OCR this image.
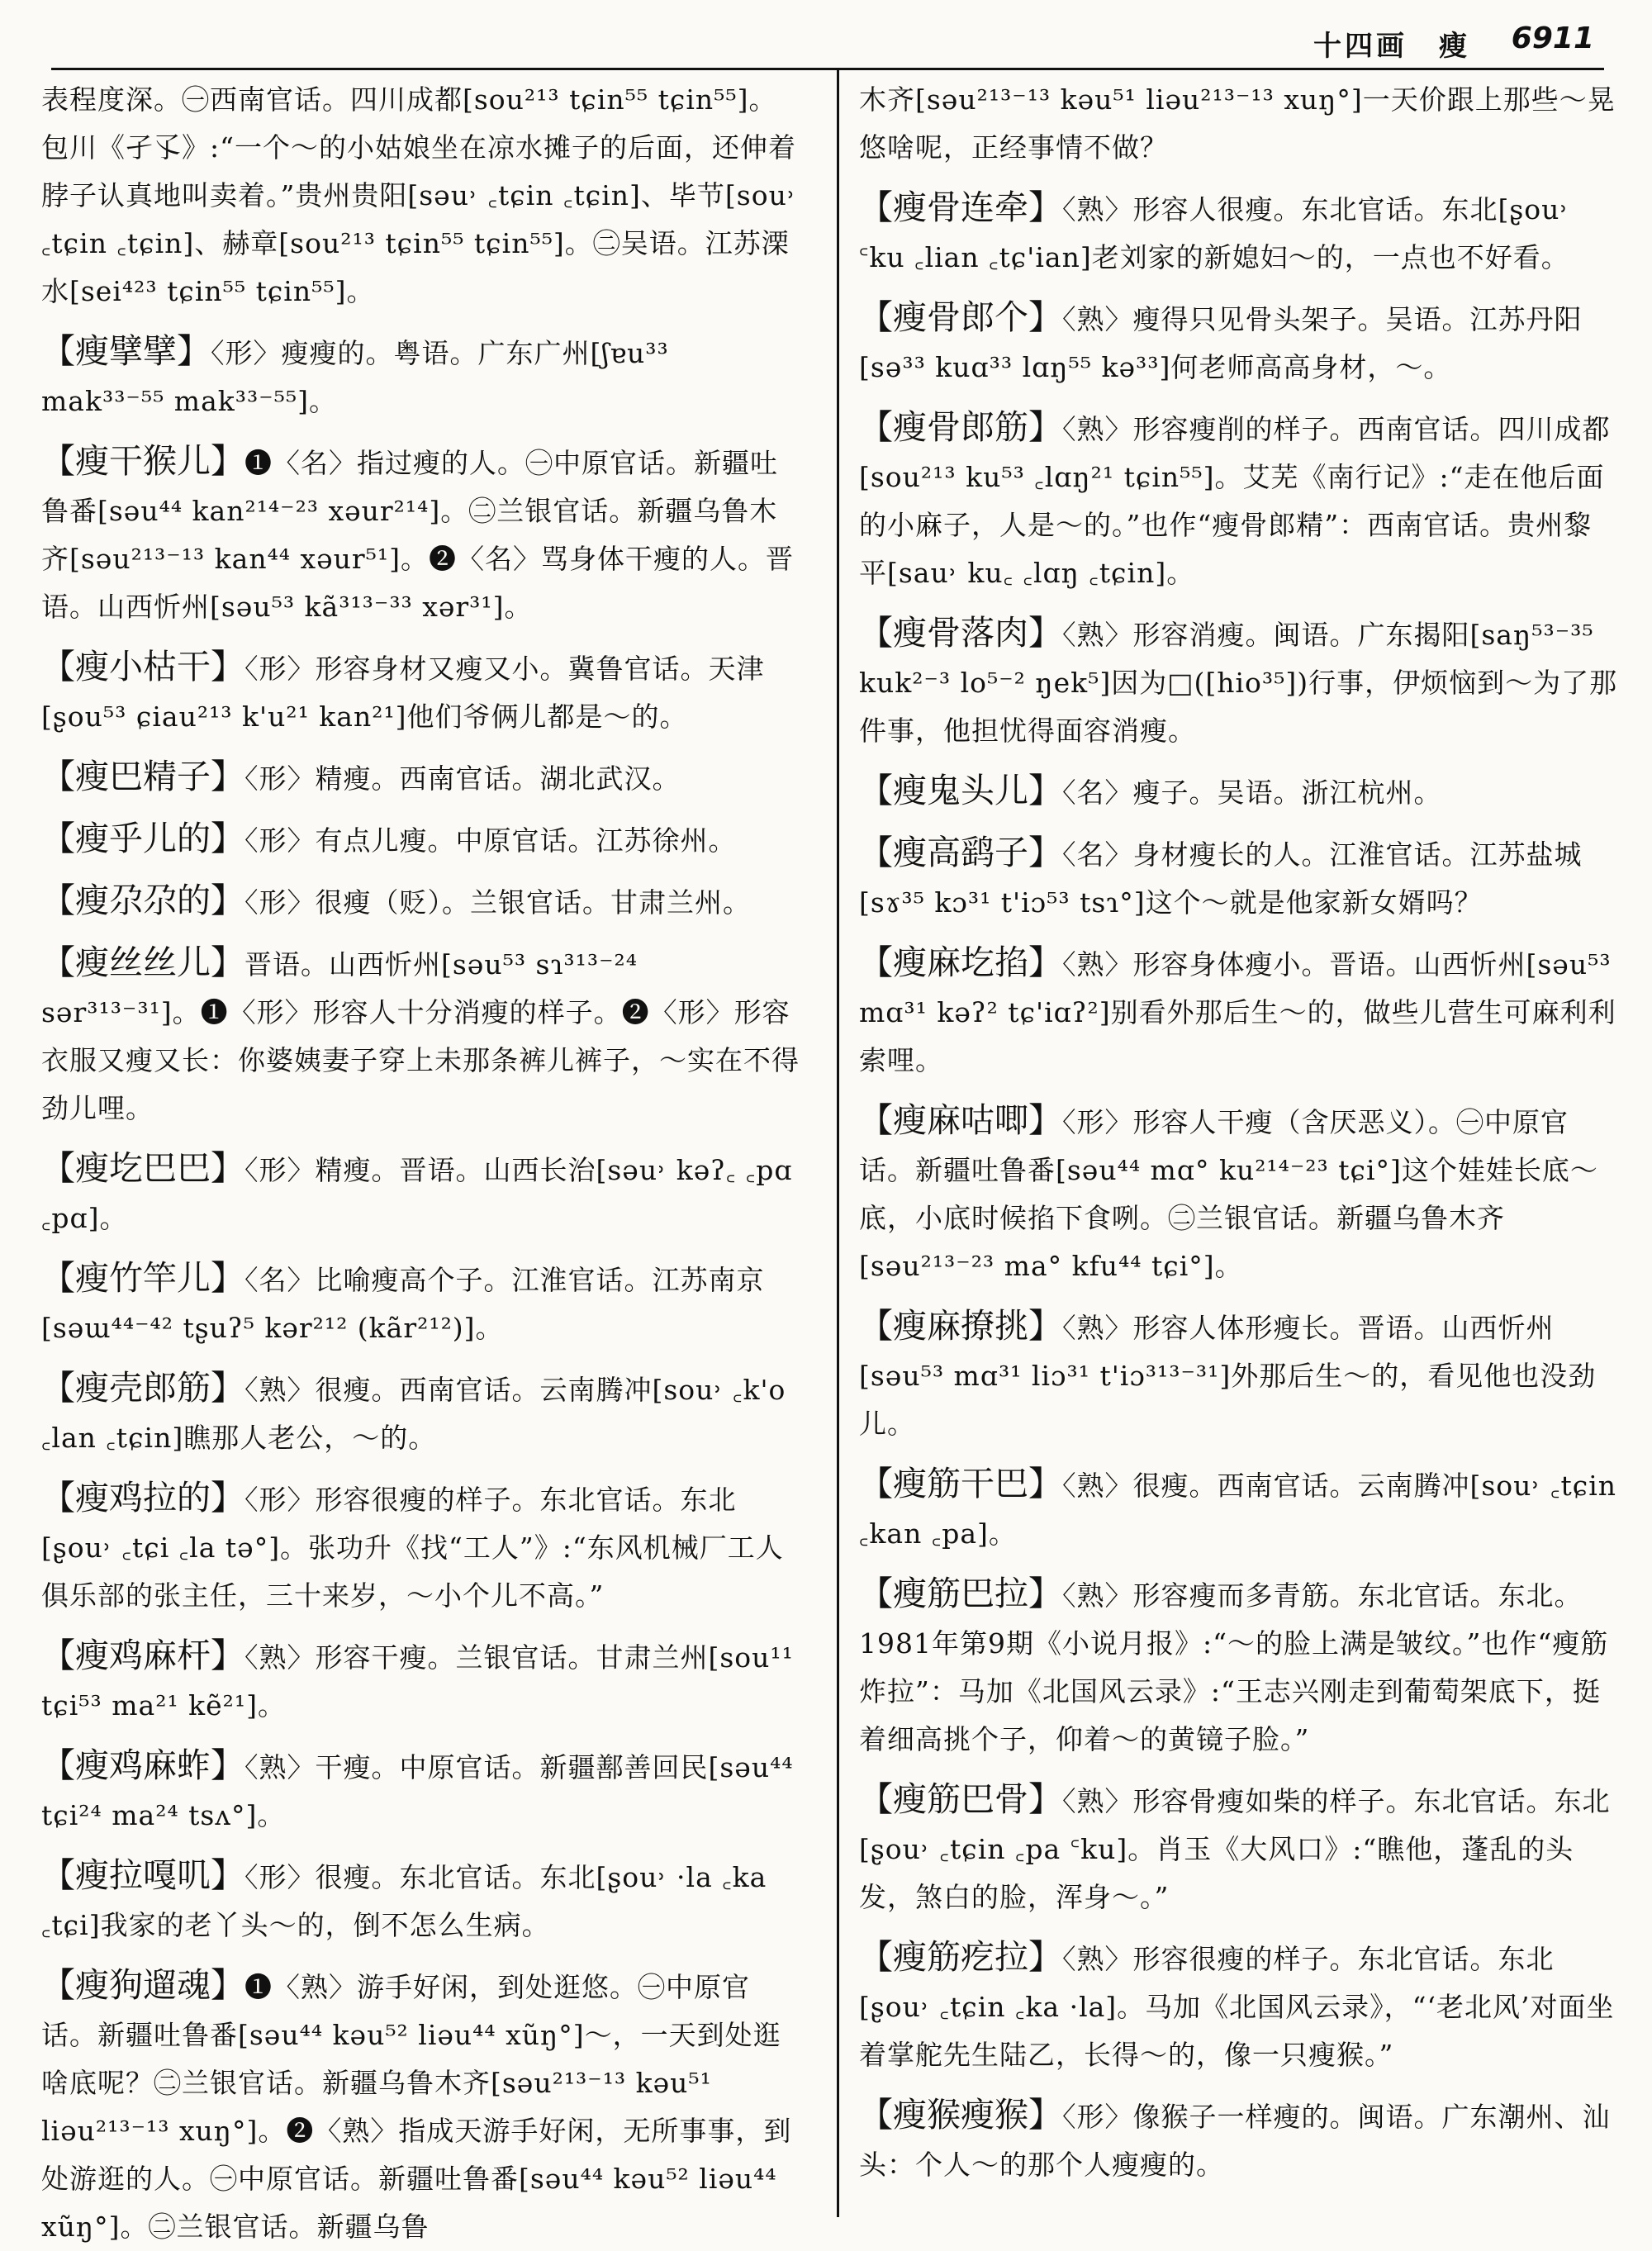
十四画　瘦 6911

表程度深。㊀西南官话。四川成都[sou²¹³ tɕin⁵⁵ tɕin⁵⁵]。包川《孑孓》:“一个～的小姑娘坐在凉水摊子的后面，还伸着脖子认真地叫卖着。”贵州贵阳[səu˒ ꜀tɕin ꜀tɕin]、毕节[sou˒ ꜀tɕin ꜀tɕin]、赫章[sou²¹³ tɕin⁵⁵ tɕin⁵⁵]。㊁吴语。江苏溧水[sei⁴²³ tɕin⁵⁵ tɕin⁵⁵]。

【瘦擘擘】〈形〉瘦瘦的。粤语。广东广州[ʃɐu³³ mak³³⁻⁵⁵ mak³³⁻⁵⁵]。

【瘦干猴儿】❶〈名〉指过瘦的人。㊀中原官话。新疆吐鲁番[səu⁴⁴ kan²¹⁴⁻²³ xəur²¹⁴]。㊁兰银官话。新疆乌鲁木齐[səu²¹³⁻¹³ kan⁴⁴ xəur⁵¹]。❷〈名〉骂身体干瘦的人。晋语。山西忻州[səu⁵³ kã³¹³⁻³³ xər³¹]。

【瘦小枯干】〈形〉形容身材又瘦又小。冀鲁官话。天津[ʂou⁵³ ɕiau²¹³ k'u²¹ kan²¹]他们爷俩儿都是～的。

【瘦巴精子】〈形〉精瘦。西南官话。湖北武汉。

【瘦乎儿的】〈形〉有点儿瘦。中原官话。江苏徐州。

【瘦尕尕的】〈形〉很瘦（贬）。兰银官话。甘肃兰州。

【瘦丝丝儿】晋语。山西忻州[səu⁵³ sɿ³¹³⁻²⁴ sər³¹³⁻³¹]。❶〈形〉形容人十分消瘦的样子。❷〈形〉形容衣服又瘦又长：你婆姨妻子穿上未那条裤儿裤子，～实在不得劲儿哩。

【瘦圪巴巴】〈形〉精瘦。晋语。山西长治[səu˒ kəʔ꜀ ꜀pɑ ꜀pɑ]。

【瘦竹竿儿】〈名〉比喻瘦高个子。江淮官话。江苏南京[səɯ⁴⁴⁻⁴² tʂuʔ⁵ kər²¹² (kãr²¹²)]。

【瘦壳郎筋】〈熟〉很瘦。西南官话。云南腾冲[sou˒ ꜀k'o ꜀lan ꜀tɕin]瞧那人老公，～的。

【瘦鸡拉的】〈形〉形容很瘦的样子。东北官话。东北[ʂou˒ ꜀tɕi ꜀la tə°]。张功升《找“工人”》:“东风机械厂工人俱乐部的张主任，三十来岁，～小个儿不高。”

【瘦鸡麻杆】〈熟〉形容干瘦。兰银官话。甘肃兰州[sou¹¹ tɕi⁵³ ma²¹ kẽ²¹]。

【瘦鸡麻蚱】〈熟〉干瘦。中原官话。新疆鄯善回民[səu⁴⁴ tɕi²⁴ ma²⁴ tsʌ°]。

【瘦拉嘎叽】〈形〉很瘦。东北官话。东北[ʂou˒ ·la ꜀ka ꜀tɕi]我家的老丫头～的，倒不怎么生病。

【瘦狗遛魂】❶〈熟〉游手好闲，到处逛悠。㊀中原官话。新疆吐鲁番[səu⁴⁴ kəu⁵² liəu⁴⁴ xũŋ°]～，一天到处逛啥底呢？㊁兰银官话。新疆乌鲁木齐[səu²¹³⁻¹³ kəu⁵¹ liəu²¹³⁻¹³ xuŋ°]。❷〈熟〉指成天游手好闲，无所事事，到处游逛的人。㊀中原官话。新疆吐鲁番[səu⁴⁴ kəu⁵² liəu⁴⁴ xũŋ°]。㊁兰银官话。新疆乌鲁

木齐[səu²¹³⁻¹³ kəu⁵¹ liəu²¹³⁻¹³ xuŋ°]一天价跟上那些～晃悠啥呢，正经事情不做？

【瘦骨连牵】〈熟〉形容人很瘦。东北官话。东北[ʂou˒ ꜂ku ꜀lian ꜀tɕ'ian]老刘家的新媳妇～的，一点也不好看。

【瘦骨郎个】〈熟〉瘦得只见骨头架子。吴语。江苏丹阳[sə³³ kuɑ³³ lɑŋ⁵⁵ kə³³]何老师高高身材，～。

【瘦骨郎筋】〈熟〉形容瘦削的样子。西南官话。四川成都[sou²¹³ ku⁵³ ꜀lɑŋ²¹ tɕin⁵⁵]。艾芜《南行记》:“走在他后面的小麻子，人是～的。”也作“瘦骨郎精”：西南官话。贵州黎平[sau˒ ku꜀ ꜀lɑŋ ꜀tɕin]。

【瘦骨落肉】〈熟〉形容消瘦。闽语。广东揭阳[saŋ⁵³⁻³⁵ kuk²⁻³ lo⁵⁻² ŋek⁵]因为□([hio³⁵])行事，伊烦恼到～为了那件事，他担忧得面容消瘦。

【瘦鬼头儿】〈名〉瘦子。吴语。浙江杭州。

【瘦高鹞子】〈名〉身材瘦长的人。江淮官话。江苏盐城[sɤ³⁵ kɔ³¹ t'iɔ⁵³ tsɿ°]这个～就是他家新女婿吗？

【瘦麻圪掐】〈熟〉形容身体瘦小。晋语。山西忻州[səu⁵³ mɑ³¹ kəʔ² tɕ'iɑʔ²]别看外那后生～的，做些儿营生可麻利利索哩。

【瘦麻咕唧】〈形〉形容人干瘦（含厌恶义）。㊀中原官话。新疆吐鲁番[səu⁴⁴ mɑ° ku²¹⁴⁻²³ tɕi°]这个娃娃长底～底，小底时候掐下食咧。㊁兰银官话。新疆乌鲁木齐[səu²¹³⁻²³ ma° kfu⁴⁴ tɕi°]。

【瘦麻撩挑】〈熟〉形容人体形瘦长。晋语。山西忻州[səu⁵³ mɑ³¹ liɔ³¹ t'iɔ³¹³⁻³¹]外那后生～的，看见他也没劲儿。

【瘦筋干巴】〈熟〉很瘦。西南官话。云南腾冲[sou˒ ꜀tɕin ꜀kan ꜀pa]。

【瘦筋巴拉】〈熟〉形容瘦而多青筋。东北官话。东北。1981年第9期《小说月报》:“～的脸上满是皱纹。”也作“瘦筋炸拉”：马加《北国风云录》:“王志兴刚走到葡萄架底下，挺着细高挑个子，仰着～的黄镜子脸。”

【瘦筋巴骨】〈熟〉形容骨瘦如柴的样子。东北官话。东北[ʂou˒ ꜀tɕin ꜀pa ꜂ku]。肖玉《大风口》:“瞧他，蓬乱的头发，煞白的脸，浑身～。”

【瘦筋疙拉】〈熟〉形容很瘦的样子。东北官话。东北[ʂou˒ ꜀tɕin ꜀ka ·la]。马加《北国风云录》，“‘老北风’对面坐着掌舵先生陆乙，长得～的，像一只瘦猴。”

【瘦猴瘦猴】〈形〉像猴子一样瘦的。闽语。广东潮州、汕头：个人～的那个人瘦瘦的。
